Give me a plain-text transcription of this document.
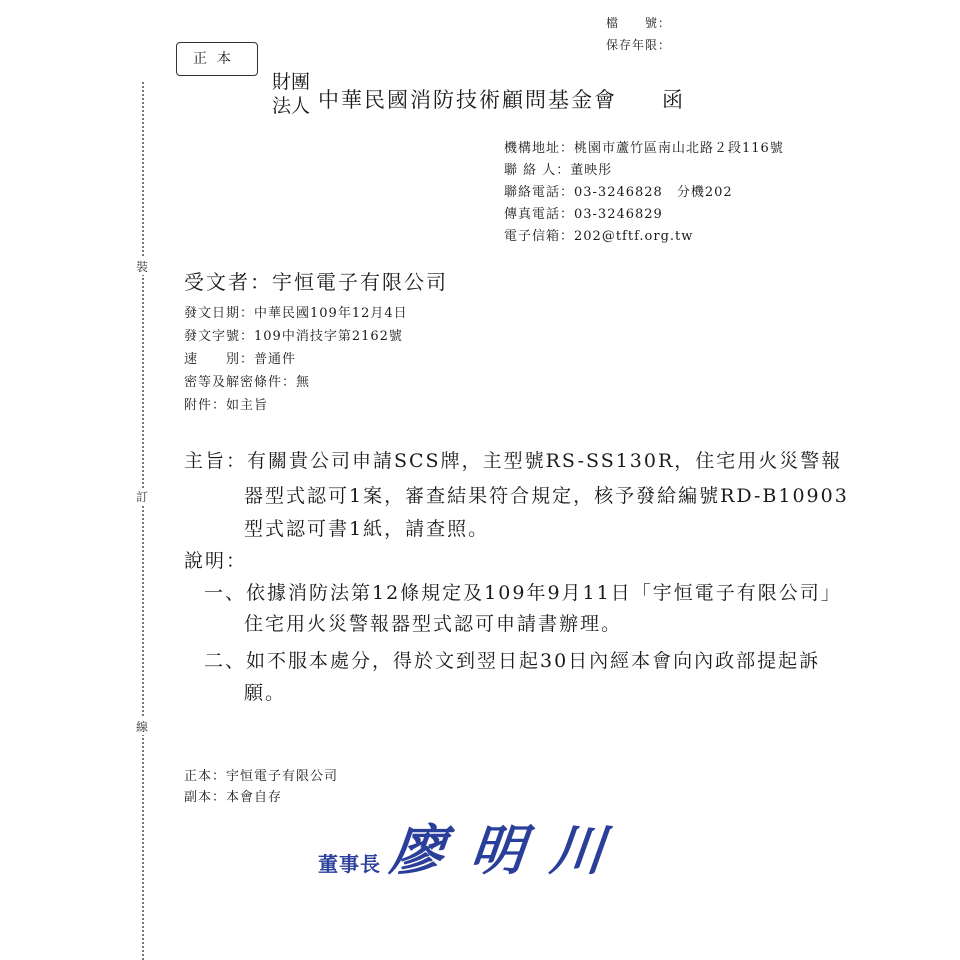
檔　　號：
保存年限：
正本
裝
訂
線
財團
法人 中華民國消防技術顧問基金會 函
機構地址：桃園市蘆竹區南山北路２段116號
聯 絡 人：董映彤
聯絡電話：03-3246828　分機202
傳真電話：03-3246829
電子信箱：202@tftf.org.tw
受文者：宇恒電子有限公司
發文日期：中華民國109年12月4日
發文字號：109中消技字第2162號
速　　別：普通件
密等及解密條件：無
附件：如主旨
主旨：有關貴公司申請SCS牌，主型號RS-SS130R，住宅用火災警報
器型式認可1案，審查結果符合規定，核予發給編號RD-B10903
型式認可書1紙，請查照。
說明：
一、依據消防法第12條規定及109年9月11日「宇恒電子有限公司」
住宅用火災警報器型式認可申請書辦理。
二、如不服本處分，得於文到翌日起30日內經本會向內政部提起訴
願。
正本：宇恒電子有限公司
副本：本會自存
董事長 廖明川
